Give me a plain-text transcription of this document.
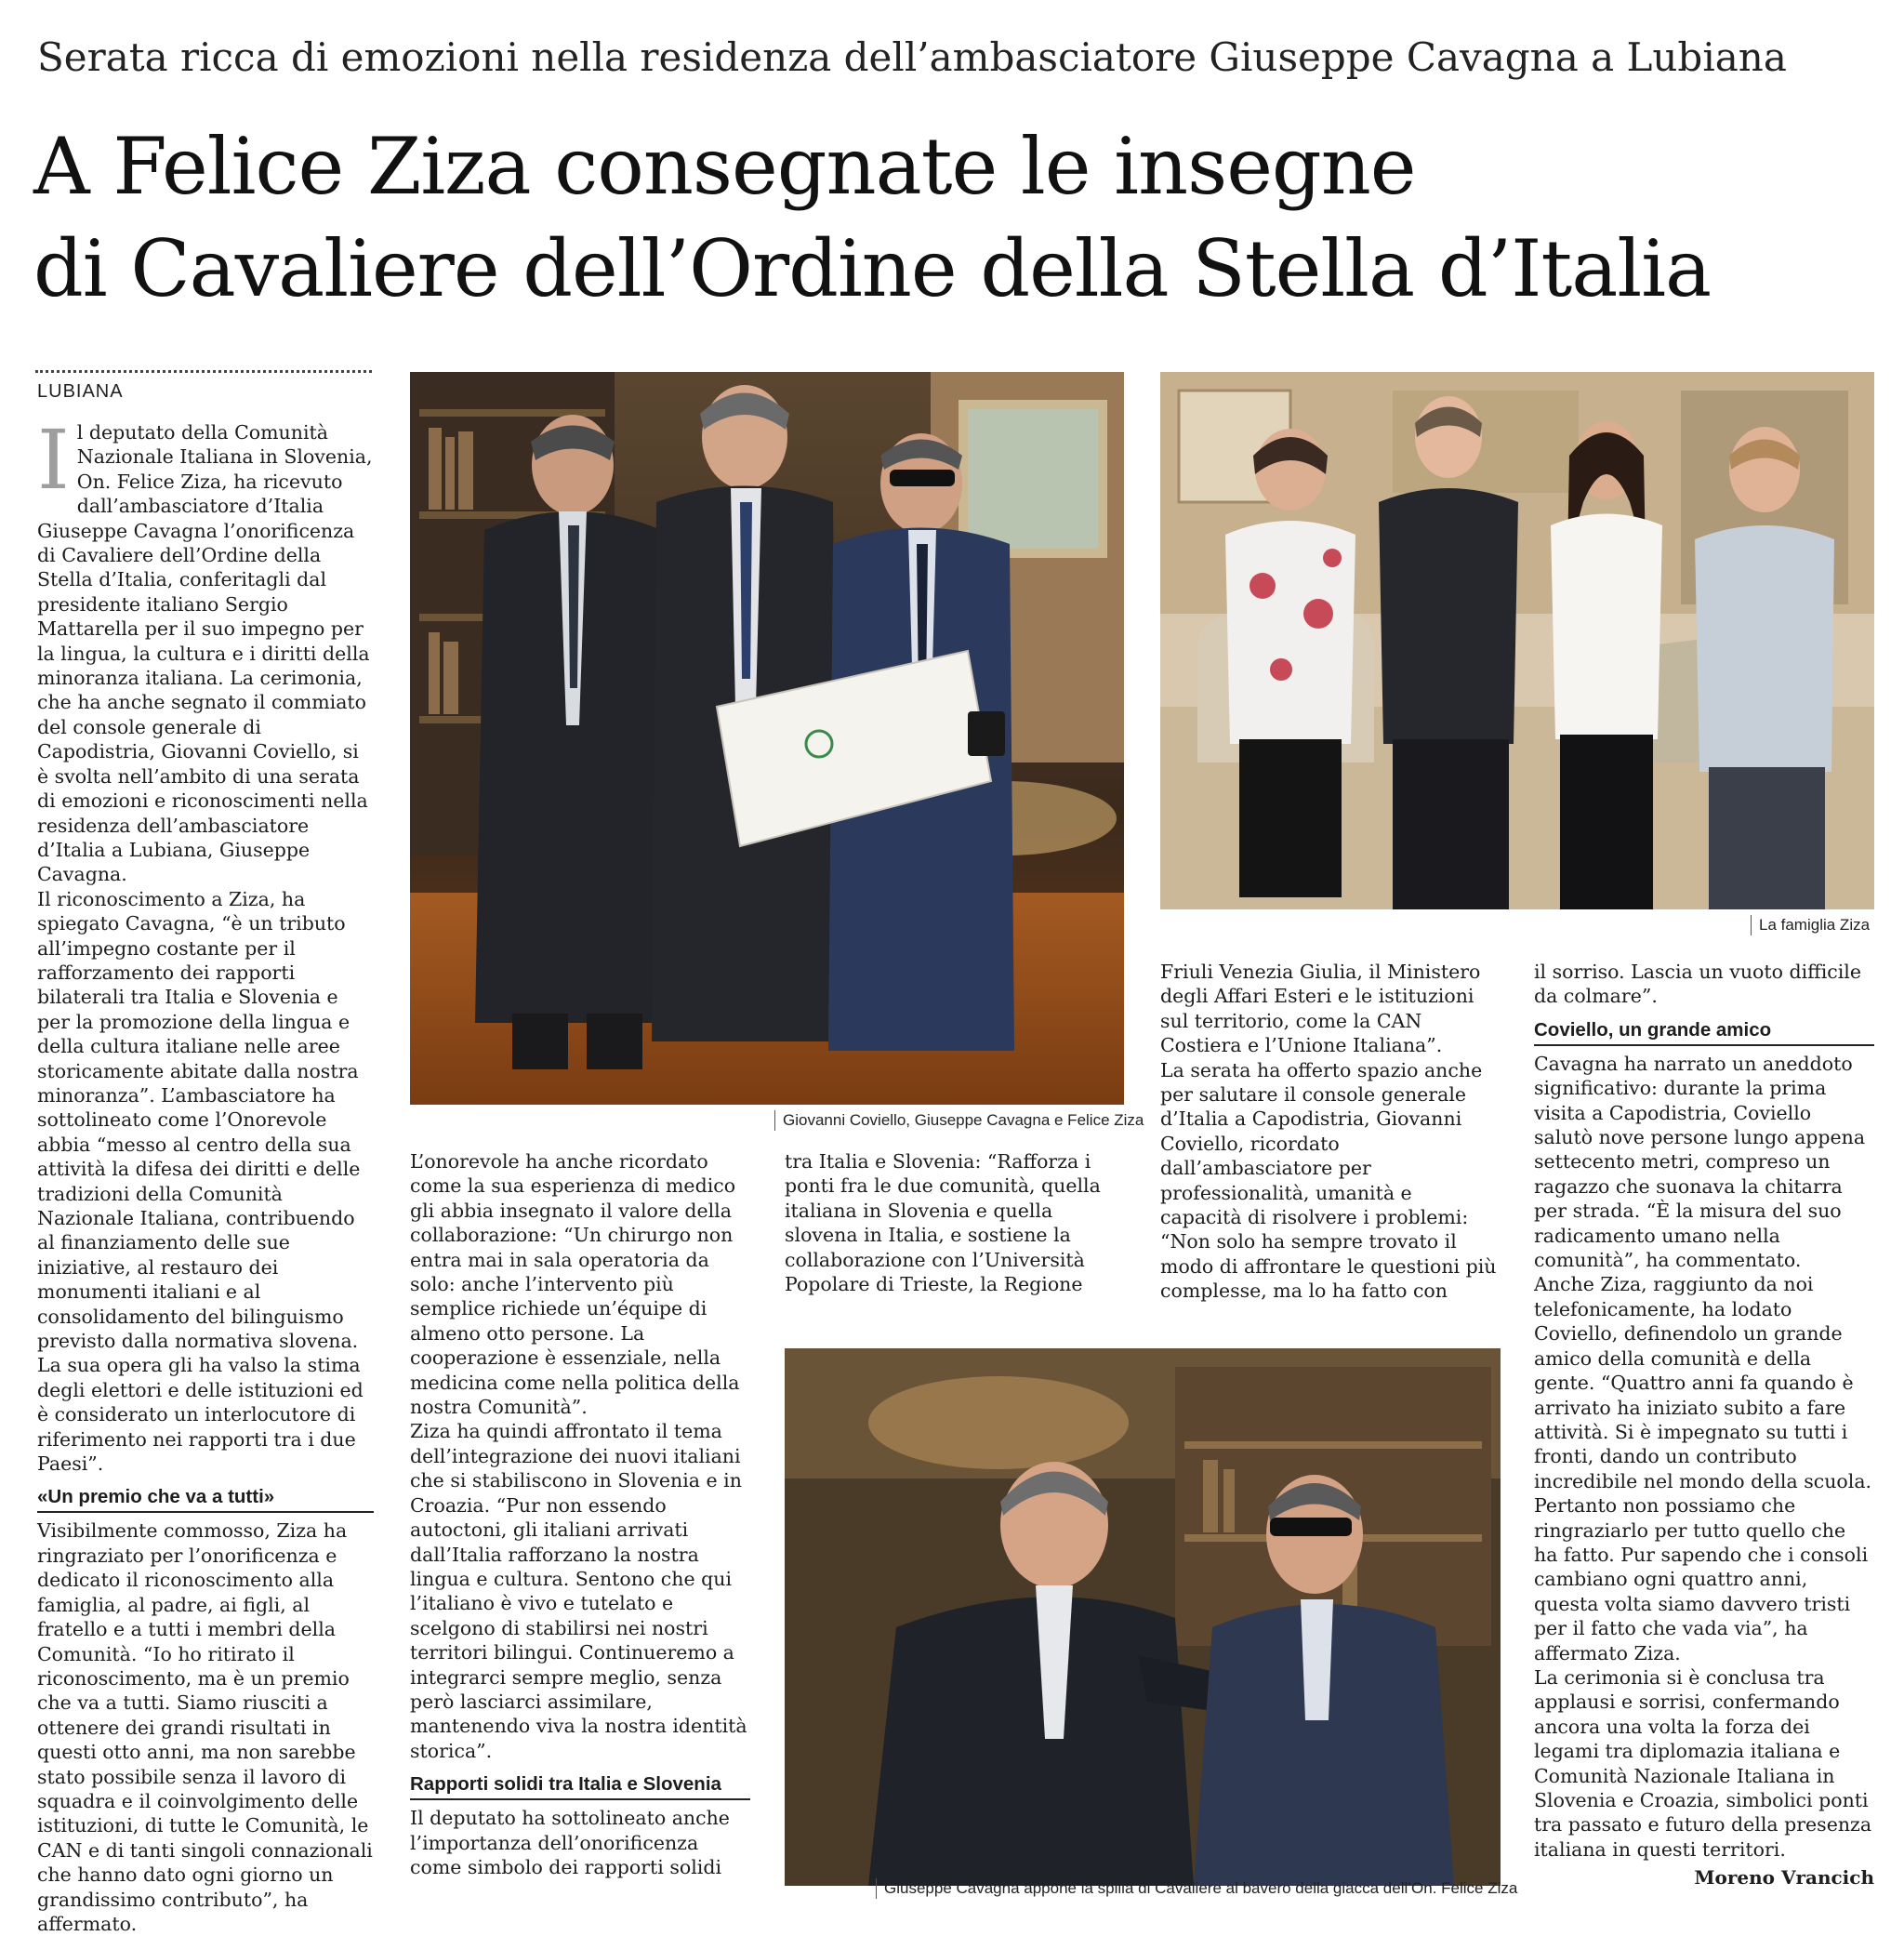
Serata ricca di emozioni nella residenza dell’ambasciatore Giuseppe Cavagna a Lubiana
A Felice Ziza consegnate le insegne
di Cavaliere dell’Ordine della Stella d’Italia
LUBIANA
I l deputato della Comunità Nazionale Italiana in Slovenia, On. Felice Ziza, ha ricevuto dall’ambasciatore d’Italia Giuseppe Cavagna l’onorificenza di Cavaliere dell’Ordine della Stella d’Italia, conferitagli dal presidente italiano Sergio Mattarella per il suo impegno per la lingua, la cultura e i diritti della minoranza italiana. La cerimonia, che ha anche segnato il commiato del console generale di Capodistria, Giovanni Coviello, si è svolta nell’ambito di una serata di emozioni e riconoscimenti nella residenza dell’ambasciatore d’Italia a Lubiana, Giuseppe Cavagna.

Il riconoscimento a Ziza, ha spiegato Cavagna, “è un tributo all’impegno costante per il rafforzamento dei rapporti bilaterali tra Italia e Slovenia e per la promozione della lingua e della cultura italiane nelle aree storicamente abitate dalla nostra minoranza”. L’ambasciatore ha sottolineato come l’Onorevole abbia “messo al centro della sua attività la difesa dei diritti e delle tradizioni della Comunità Nazionale Italiana, contribuendo al finanziamento delle sue iniziative, al restauro dei monumenti italiani e al consolidamento del bilinguismo previsto dalla normativa slovena. La sua opera gli ha valso la stima degli elettori e delle istituzioni ed è considerato un interlocutore di riferimento nei rapporti tra i due Paesi”.

«Un premio che va a tutti»

Visibilmente commosso, Ziza ha ringraziato per l’onorificenza e dedicato il riconoscimento alla famiglia, al padre, ai figli, al fratello e a tutti i membri della Comunità. “Io ho ritirato il riconoscimento, ma è un premio che va a tutti. Siamo riusciti a ottenere dei grandi risultati in questi otto anni, ma non sarebbe stato possibile senza il lavoro di squadra e il coinvolgimento delle istituzioni, di tutte le Comunità, le CAN e di tanti singoli connazionali che hanno dato ogni giorno un grandissimo contributo”, ha affermato.

Giovanni Coviello, Giuseppe Cavagna e Felice Ziza
La famiglia Ziza

L’onorevole ha anche ricordato come la sua esperienza di medico gli abbia insegnato il valore della collaborazione: “Un chirurgo non entra mai in sala operatoria da solo: anche l’intervento più semplice richiede un’équipe di almeno otto persone. La cooperazione è essenziale, nella medicina come nella politica della nostra Comunità”.

Ziza ha quindi affrontato il tema dell’integrazione dei nuovi italiani che si stabiliscono in Slovenia e in Croazia. “Pur non essendo autoctoni, gli italiani arrivati dall’Italia rafforzano la nostra lingua e cultura. Sentono che qui l’italiano è vivo e tutelato e scelgono di stabilirsi nei nostri territori bilingui. Continueremo a integrarci sempre meglio, senza però lasciarci assimilare, mantenendo viva la nostra identità storica”.

Rapporti solidi tra Italia e Slovenia

Il deputato ha sottolineato anche l’importanza dell’onorificenza come simbolo dei rapporti solidi

tra Italia e Slovenia: “Rafforza i ponti fra le due comunità, quella italiana in Slovenia e quella slovena in Italia, e sostiene la collaborazione con l’Università Popolare di Trieste, la Regione

Friuli Venezia Giulia, il Ministero degli Affari Esteri e le istituzioni sul territorio, come la CAN Costiera e l’Unione Italiana”.

La serata ha offerto spazio anche per salutare il console generale d’Italia a Capodistria, Giovanni Coviello, ricordato dall’ambasciatore per professionalità, umanità e capacità di risolvere i problemi: “Non solo ha sempre trovato il modo di affrontare le questioni più complesse, ma lo ha fatto con

il sorriso. Lascia un vuoto difficile da colmare”.

Coviello, un grande amico

Cavagna ha narrato un aneddoto significativo: durante la prima visita a Capodistria, Coviello salutò nove persone lungo appena settecento metri, compreso un ragazzo che suonava la chitarra per strada. “È la misura del suo radicamento umano nella comunità”, ha commentato.

Anche Ziza, raggiunto da noi telefonicamente, ha lodato Coviello, definendolo un grande amico della comunità e della gente. “Quattro anni fa quando è arrivato ha iniziato subito a fare attività. Si è impegnato su tutti i fronti, dando un contributo incredibile nel mondo della scuola. Pertanto non possiamo che ringraziarlo per tutto quello che ha fatto. Pur sapendo che i consoli cambiano ogni quattro anni, questa volta siamo davvero tristi per il fatto che vada via”, ha affermato Ziza.

La cerimonia si è conclusa tra applausi e sorrisi, confermando ancora una volta la forza dei legami tra diplomazia italiana e Comunità Nazionale Italiana in Slovenia e Croazia, simbolici ponti tra passato e futuro della presenza italiana in questi territori.

Moreno Vrancich
Giuseppe Cavagna appone la spilla di Cavaliere al bavero della giacca dell’On. Felice Ziza
